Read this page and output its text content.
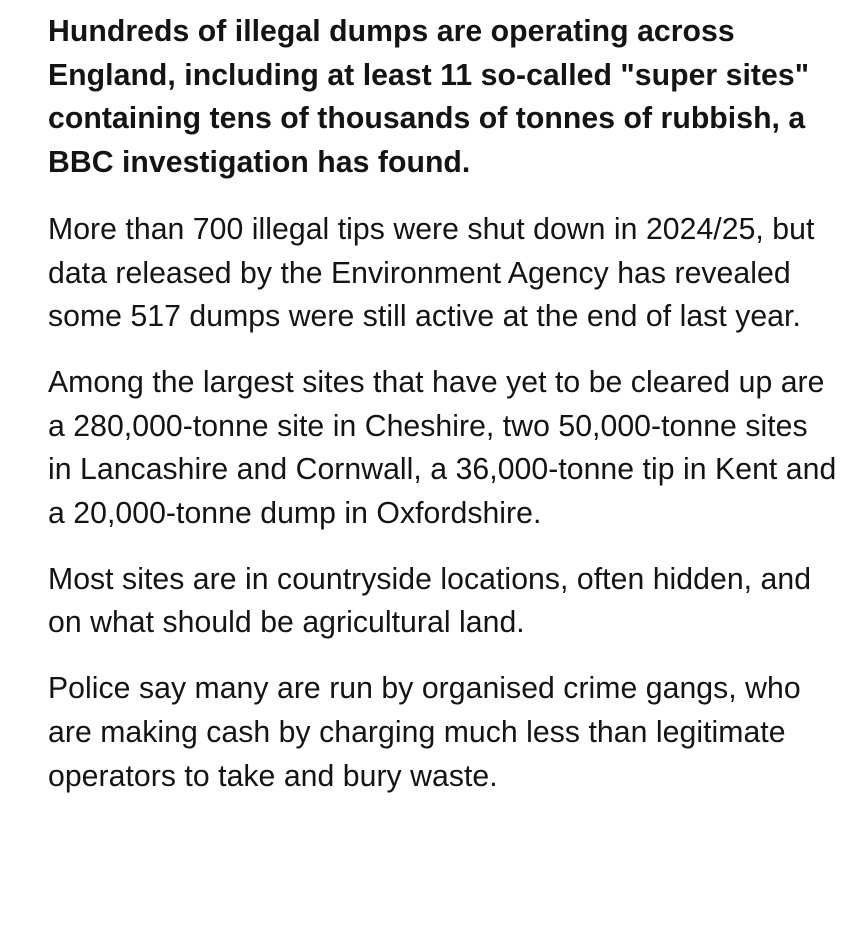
Hundreds of illegal dumps are operating across England, including at least 11 so-called "super sites" containing tens of thousands of tonnes of rubbish, a BBC investigation has found.

More than 700 illegal tips were shut down in 2024/25, but data released by the Environment Agency has revealed some 517 dumps were still active at the end of last year.

Among the largest sites that have yet to be cleared up are a 280,000-tonne site in Cheshire, two 50,000-tonne sites in Lancashire and Cornwall, a 36,000-tonne tip in Kent and a 20,000-tonne dump in Oxfordshire.

Most sites are in countryside locations, often hidden, and on what should be agricultural land.

Police say many are run by organised crime gangs, who are making cash by charging much less than legitimate operators to take and bury waste.
